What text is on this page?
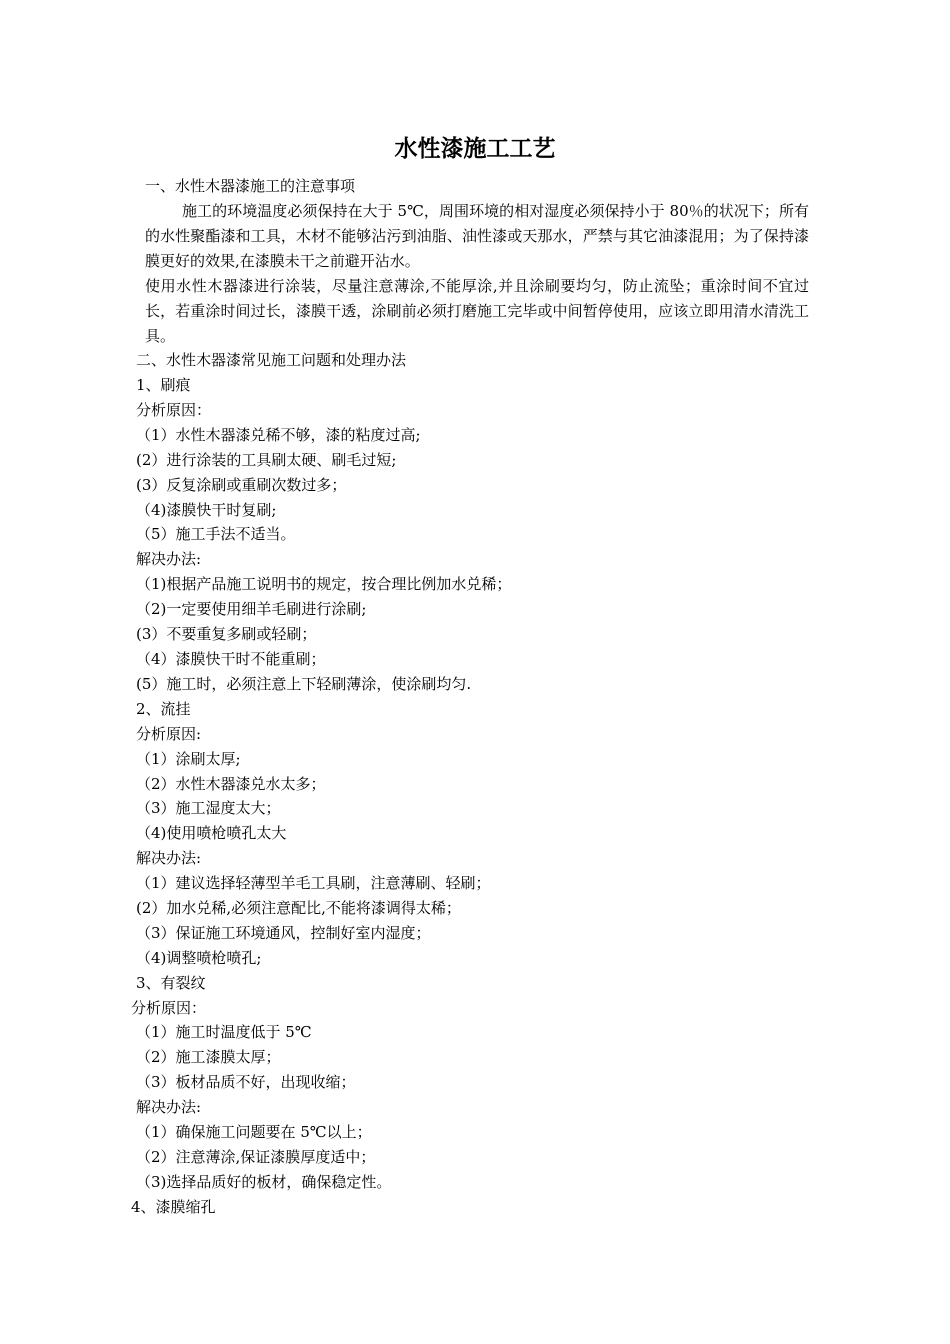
水性漆施工工艺

一、水性木器漆施工的注意事项

施工的环境温度必须保持在大于 5℃，周围环境的相对湿度必须保持小于 80％的状况下；所有的水性聚酯漆和工具，木材不能够沾污到油脂、油性漆或天那水，严禁与其它油漆混用；为了保持漆膜更好的效果,在漆膜未干之前避开沾水。

使用水性木器漆进行涂装，尽量注意薄涂,不能厚涂,并且涂刷要均匀，防止流坠；重涂时间不宜过长，若重涂时间过长，漆膜干透，涂刷前必须打磨施工完毕或中间暂停使用，应该立即用清水清洗工具。

二、水性木器漆常见施工问题和处理办法

1、刷痕

分析原因：

（1）水性木器漆兑稀不够，漆的粘度过高;

(2）进行涂装的工具刷太硬、刷毛过短;

(3）反复涂刷或重刷次数过多；

（4)漆膜快干时复刷;

（5）施工手法不适当。

解决办法:

（1)根据产品施工说明书的规定，按合理比例加水兑稀；

（2)一定要使用细羊毛刷进行涂刷;

(3）不要重复多刷或轻刷；

（4）漆膜快干时不能重刷；

(5）施工时，必须注意上下轻刷薄涂，使涂刷均匀.

2、流挂

分析原因:

（1）涂刷太厚;

（2）水性木器漆兑水太多；

（3）施工湿度太大；

（4)使用喷枪喷孔太大

解决办法:

（1）建议选择轻薄型羊毛工具刷，注意薄刷、轻刷；

(2）加水兑稀,必须注意配比,不能将漆调得太稀；

（3）保证施工环境通风，控制好室内湿度；

（4)调整喷枪喷孔;

3、有裂纹

分析原因：

（1）施工时温度低于 5℃

（2）施工漆膜太厚；

（3）板材品质不好，出现收缩；

解决办法:

（1）确保施工问题要在 5℃以上；

（2）注意薄涂,保证漆膜厚度适中；

（3)选择品质好的板材，确保稳定性。

4、漆膜缩孔
